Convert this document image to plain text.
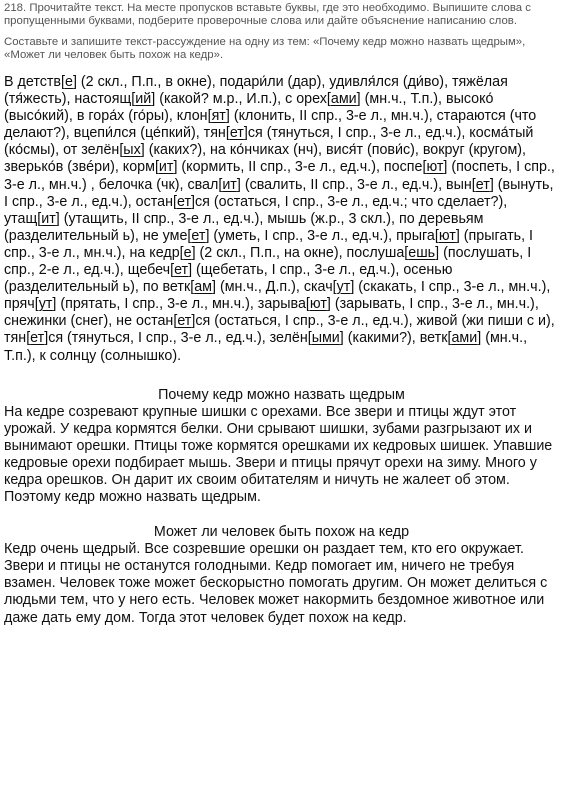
218. Прочитайте текст. На месте пропусков вставьте буквы, где это необходимо. Выпишите слова с пропущенными буквами, подберите проверочные слова или дайте объяснение написанию слов.

Составьте и запишите текст-рассуждение на одну из тем: «Почему кедр можно назвать щедрым», «Может ли человек быть похож на кедр».

В детств[е] (2 скл., П.п., в окне), подари́ли (дар), удивля́лся (ди́во), тяжёлая (тя́жесть), настоящ[ий] (какой? м.р., И.п.), с орех[ами] (мн.ч., Т.п.), высоко́ (высо́кий), в гора́х (го́ры), клон[ят] (клонить, II спр., 3-е л., мн.ч.), стараются (что делают?), вцепи́лся (це́пкий), тян[ет]ся (тянуться, I спр., 3-е л., ед.ч.), косма́тый (ко́смы), от зелён[ых] (каких?), на ко́нчиках (нч), вися́т (пови́с), вокруг (кругом), зверько́в (звéри), корм[ит] (кормить, II спр., 3-е л., ед.ч.), поспе[ют] (поспеть, I спр., 3-е л., мн.ч.) , белочка (чк), свал[ит] (свалить, II спр., 3-е л., ед.ч.), вын[ет] (вынуть, I спр., 3-е л., ед.ч.), остан[ет]ся (остаться, I спр., 3-е л., ед.ч.; что сделает?), утащ[ит] (утащить, II спр., 3-е л., ед.ч.), мышь (ж.р., 3 скл.), по деревьям (разделительный ь), не уме[ет] (уметь, I спр., 3-е л., ед.ч.), прыга[ют] (прыгать, I спр., 3-е л., мн.ч.), на кедр[е] (2 скл., П.п., на окне), послуша[ешь] (послушать, I спр., 2-е л., ед.ч.), щебеч[ет] (щебетать, I спр., 3-е л., ед.ч.), осенью (разделительный ь), по ветк[ам] (мн.ч., Д.п.), скач[ут] (скакать, I спр., 3-е л., мн.ч.), пряч[ут] (прятать, I спр., 3-е л., мн.ч.), зарыва[ют] (зарывать, I спр., 3-е л., мн.ч.), снежинки (снег), не остан[ет]ся (остаться, I спр., 3-е л., ед.ч.), живой (жи пиши с и), тян[ет]ся (тянуться, I спр., 3-е л., ед.ч.), зелён[ыми] (какими?), ветк[ами] (мн.ч., Т.п.), к солнцу (солнышко).

Почему кедр можно назвать щедрым

На кедре созревают крупные шишки с орехами. Все звери и птицы ждут этот урожай. У кедра кормятся белки. Они срывают шишки, зубами разгрызают их и вынимают орешки. Птицы тоже кормятся орешками их кедровых шишек. Упавшие кедровые орехи подбирает мышь. Звери и птицы прячут орехи на зиму. Много у кедра орешков. Он дарит их своим обитателям и ничуть не жалеет об этом. Поэтому кедр можно назвать щедрым.

Может ли человек быть похож на кедр

Кедр очень щедрый. Все созревшие орешки он раздает тем, кто его окружает. Звери и птицы не останутся голодными. Кедр помогает им, ничего не требуя взамен. Человек тоже может бескорыстно помогать другим. Он может делиться с людьми тем, что у него есть. Человек может накормить бездомное животное или даже дать ему дом. Тогда этот человек будет похож на кедр.
